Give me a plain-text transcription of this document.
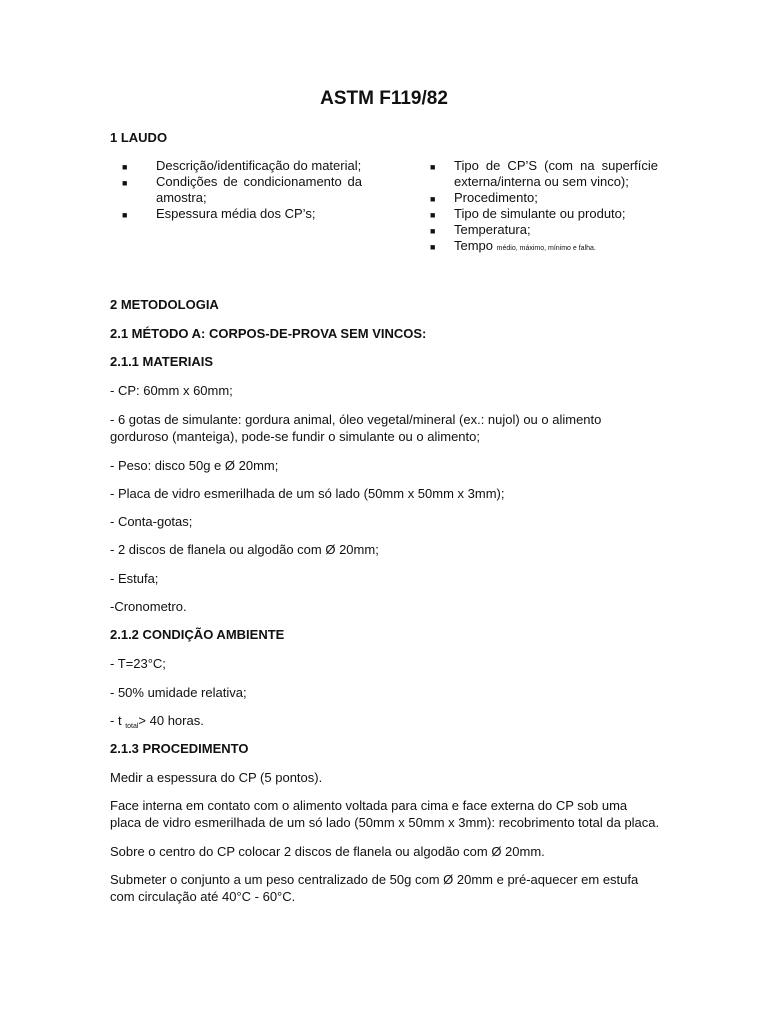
ASTM F119/82
1 LAUDO
■ Descrição/identificação do material;
■ Condições de condicionamento da amostra;
■ Espessura média dos CP’s;
■ Tipo de CP’S (com na superfície externa/interna ou sem vinco);
■ Procedimento;
■ Tipo de simulante ou produto;
■ Temperatura;
■ Tempo médio, máximo, mínimo e falha.
2 METODOLOGIA
2.1 MÉTODO A: CORPOS-DE-PROVA SEM VINCOS:
2.1.1 MATERIAIS
- CP: 60mm x 60mm;
- 6 gotas de simulante: gordura animal, óleo vegetal/mineral (ex.: nujol) ou o alimento gorduroso (manteiga), pode-se fundir o simulante ou o alimento;
- Peso: disco 50g e Ø 20mm;
- Placa de vidro esmerilhada de um só lado (50mm x 50mm x 3mm);
- Conta-gotas;
- 2 discos de flanela ou algodão com Ø 20mm;
- Estufa;
-Cronometro.
2.1.2 CONDIÇÃO AMBIENTE
- T=23°C;
- 50% umidade relativa;
- t $_{total}$> 40 horas.
2.1.3 PROCEDIMENTO
Medir a espessura do CP (5 pontos).
Face interna em contato com o alimento voltada para cima e face externa do CP sob uma placa de vidro esmerilhada de um só lado (50mm x 50mm x 3mm): recobrimento total da placa.
Sobre o centro do CP colocar 2 discos de flanela ou algodão com Ø 20mm.
Submeter o conjunto a um peso centralizado de 50g com Ø 20mm e pré-aquecer em estufa com circulação até 40°C - 60°C.
